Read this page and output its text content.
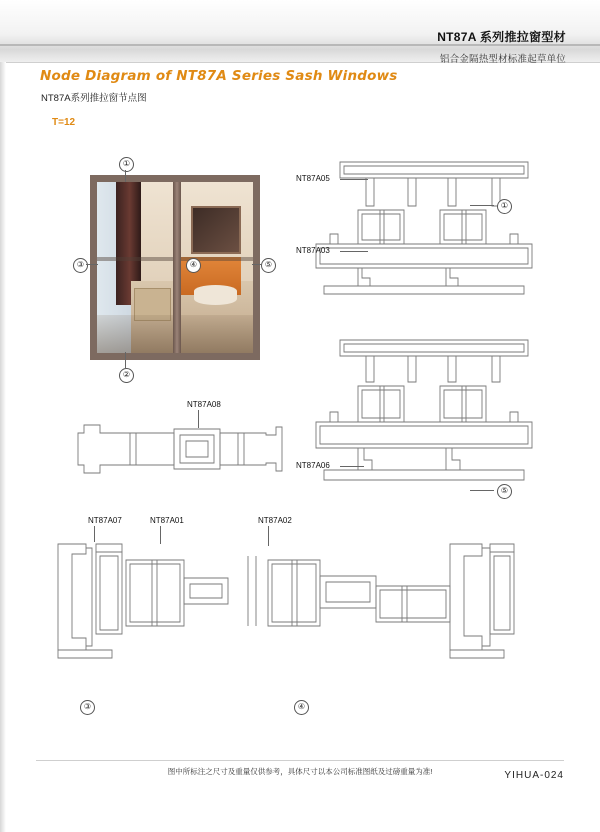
NT87A 系列推拉窗型材
铝合金隔热型材标准起草单位
Node Diagram of NT87A Series Sash Windows
NT87A系列推拉窗节点图
T=12
①
②
③	④	⑤
NT87A05
NT87A03
①
NT87A06
⑤
NT87A08
NT87A07	NT87A01	NT87A02
③	④
图中所标注之尺寸及重量仅供参考，具体尺寸以本公司标准图纸及过磅重量为准!	YIHUA-024
